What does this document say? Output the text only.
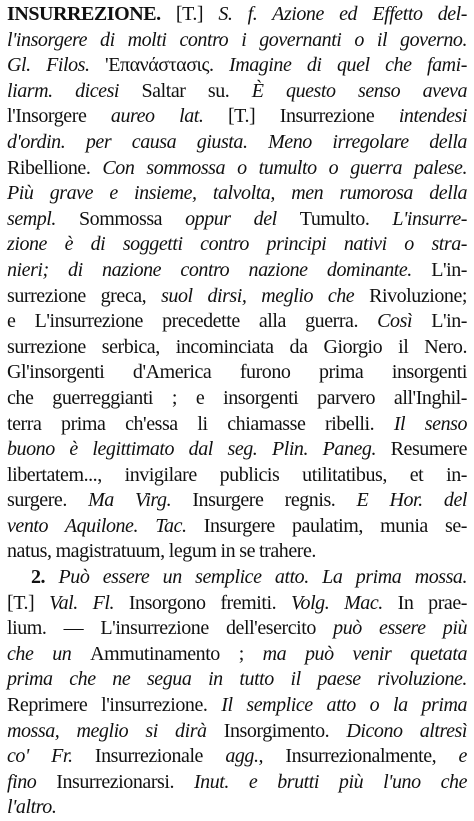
INSURREZIONE. [T.] S. f. Azione ed Effetto del-
l'insorgere di molti contro i governanti o il governo.
Gl. Filos. 'Επανάστασις. Imagine di quel che fami-
liarm. dicesi Saltar su. È questo senso aveva
l'Insorgere aureo lat. [T.] Insurrezione intendesi
d'ordin. per causa giusta. Meno irregolare della
Ribellione. Con sommossa o tumulto o guerra palese.
Più grave e insieme, talvolta, men rumorosa della
sempl. Sommossa oppur del Tumulto. L'insurre-
zione è di soggetti contro principi nativi o stra-
nieri; di nazione contro nazione dominante. L'in-
surrezione greca, suol dirsi, meglio che Rivoluzione;
e L'insurrezione precedette alla guerra. Così L'in-
surrezione serbica, incominciata da Giorgio il Nero.
Gl'insorgenti d'America furono prima insorgenti
che guerreggianti ; e insorgenti parvero all'Inghil-
terra prima ch'essa li chiamasse ribelli. Il senso
buono è legittimato dal seg. Plin. Paneg. Resumere
libertatem..., invigilare publicis utilitatibus, et in-
surgere. Ma Virg. Insurgere regnis. E Hor. del
vento Aquilone. Tac. Insurgere paulatim, munia se-
natus, magistratuum, legum in se trahere.
2. Può essere un semplice atto. La prima mossa.
[T.] Val. Fl. Insorgono fremiti. Volg. Mac. In prae-
lium. — L'insurrezione dell'esercito può essere più
che un Ammutinamento ; ma può venir quetata
prima che ne segua in tutto il paese rivoluzione.
Reprimere l'insurrezione. Il semplice atto o la prima
mossa, meglio si dirà Insorgimento. Dicono altresì
co' Fr. Insurrezionale agg., Insurrezionalmente, e
fino Insurrezionarsi. Inut. e brutti più l'uno che
l'altro.
